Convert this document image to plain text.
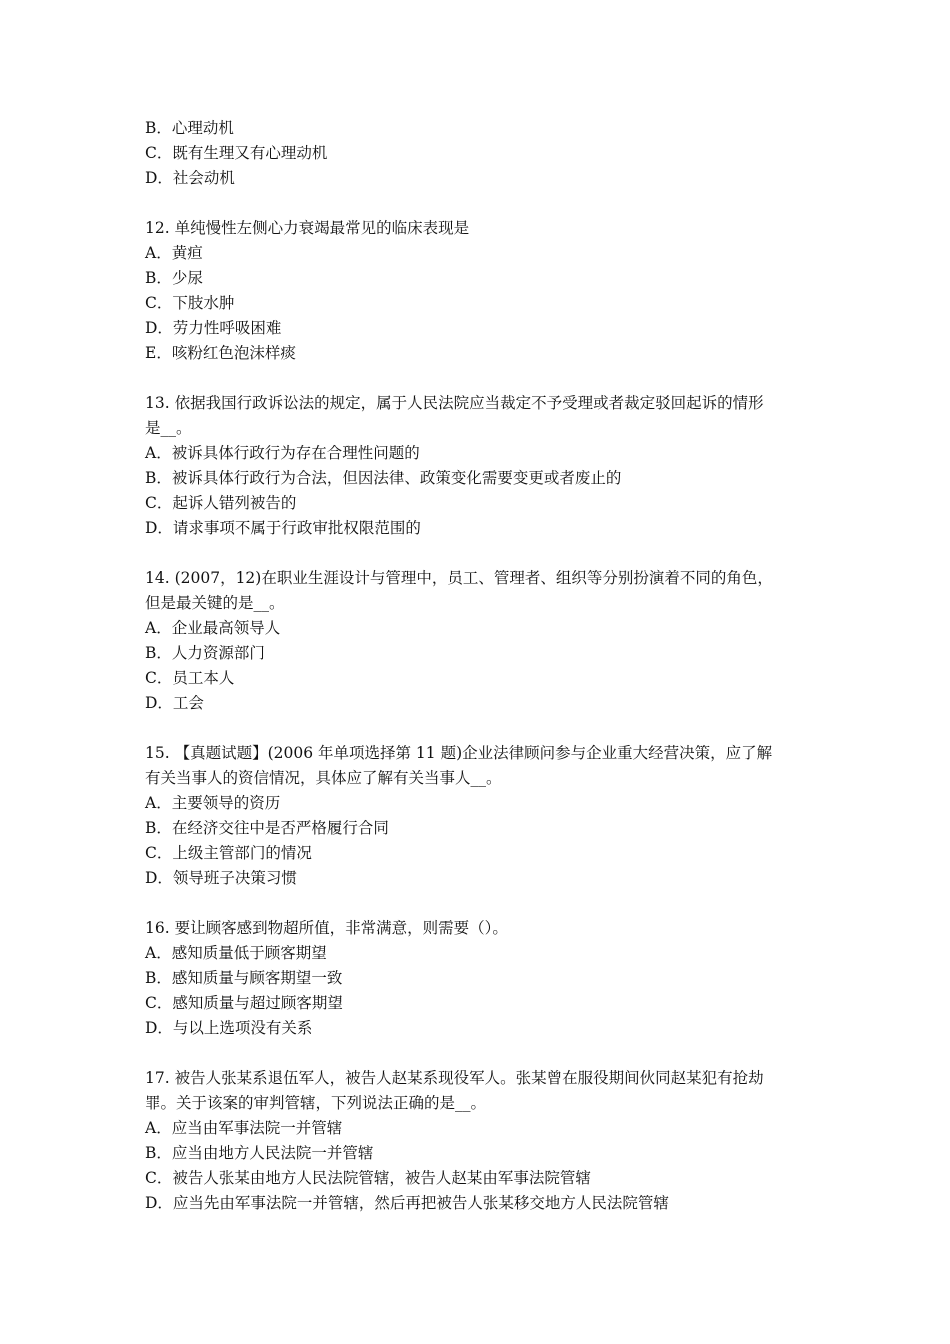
B．心理动机
C．既有生理又有心理动机
D．社会动机
12. 单纯慢性左侧心力衰竭最常见的临床表现是
A．黄疸
B．少尿
C．下肢水肿
D．劳力性呼吸困难
E．咳粉红色泡沫样痰
13. 依据我国行政诉讼法的规定，属于人民法院应当裁定不予受理或者裁定驳回起诉的情形
是__。
A．被诉具体行政行为存在合理性问题的
B．被诉具体行政行为合法，但因法律、政策变化需要变更或者废止的
C．起诉人错列被告的
D．请求事项不属于行政审批权限范围的
14. (2007，12)在职业生涯设计与管理中，员工、管理者、组织等分别扮演着不同的角色，
但是最关键的是__。
A．企业最高领导人
B．人力资源部门
C．员工本人
D．工会
15. 【真题试题】(2006 年单项选择第 11 题)企业法律顾问参与企业重大经营决策，应了解
有关当事人的资信情况，具体应了解有关当事人__。
A．主要领导的资历
B．在经济交往中是否严格履行合同
C．上级主管部门的情况
D．领导班子决策习惯
16. 要让顾客感到物超所值，非常满意，则需要（）。
A．感知质量低于顾客期望
B．感知质量与顾客期望一致
C．感知质量与超过顾客期望
D．与以上选项没有关系
17. 被告人张某系退伍军人，被告人赵某系现役军人。张某曾在服役期间伙同赵某犯有抢劫
罪。关于该案的审判管辖，下列说法正确的是__。
A．应当由军事法院一并管辖
B．应当由地方人民法院一并管辖
C．被告人张某由地方人民法院管辖，被告人赵某由军事法院管辖
D．应当先由军事法院一并管辖，然后再把被告人张某移交地方人民法院管辖
